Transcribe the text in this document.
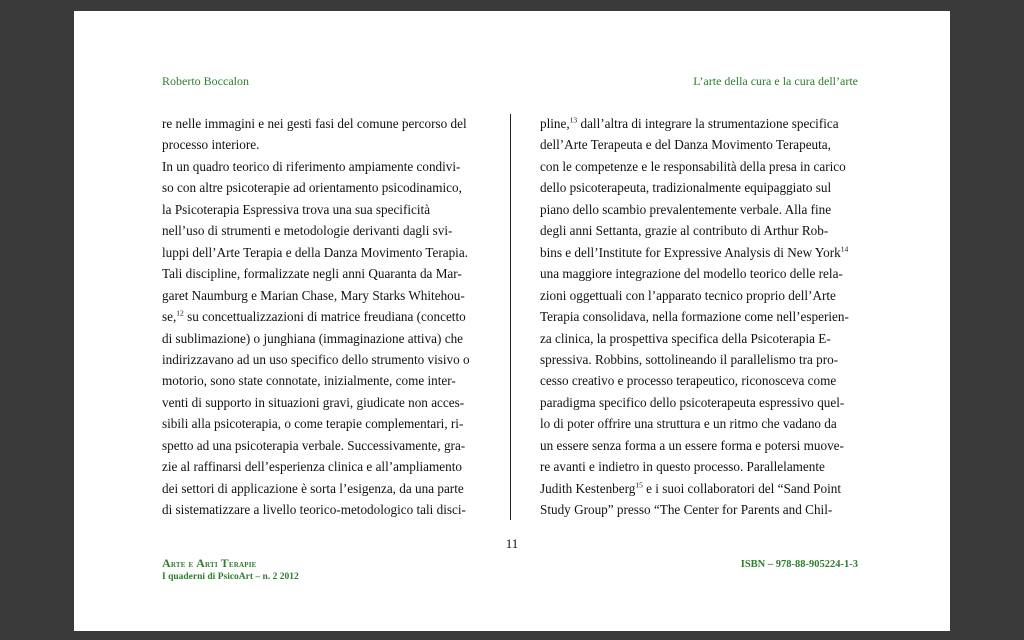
Roberto Boccalon	L’arte della cura e la cura dell’arte

re nelle immagini e nei gesti fasi del comune percorso del

processo interiore.

In un quadro teorico di riferimento ampiamente condivi-

so con altre psicoterapie ad orientamento psicodinamico,

la Psicoterapia Espressiva trova una sua specificità

nell’uso di strumenti e metodologie derivanti dagli svi-

luppi dell’Arte Terapia e della Danza Movimento Terapia.

Tali discipline, formalizzate negli anni Quaranta da Mar-

garet Naumburg e Marian Chase, Mary Starks Whitehou-

se,$^{12}$ su concettualizzazioni di matrice freudiana (concetto

di sublimazione) o junghiana (immaginazione attiva) che

indirizzavano ad un uso specifico dello strumento visivo o

motorio, sono state connotate, inizialmente, come inter-

venti di supporto in situazioni gravi, giudicate non acces-

sibili alla psicoterapia, o come terapie complementari, ri-

spetto ad una psicoterapia verbale. Successivamente, gra-

zie al raffinarsi dell’esperienza clinica e all’ampliamento

dei settori di applicazione è sorta l’esigenza, da una parte

di sistematizzare a livello teorico-metodologico tali disci-

pline,$^{13}$ dall’altra di integrare la strumentazione specifica

dell’Arte Terapeuta e del Danza Movimento Terapeuta,

con le competenze e le responsabilità della presa in carico

dello psicoterapeuta, tradizionalmente equipaggiato sul

piano dello scambio prevalentemente verbale. Alla fine

degli anni Settanta, grazie al contributo di Arthur Rob-

bins e dell’Institute for Expressive Analysis di New York$^{14}$

una maggiore integrazione del modello teorico delle rela-

zioni oggettuali con l’apparato tecnico proprio dell’Arte

Terapia consolidava, nella formazione come nell’esperien-

za clinica, la prospettiva specifica della Psicoterapia E-

spressiva. Robbins, sottolineando il parallelismo tra pro-

cesso creativo e processo terapeutico, riconosceva come

paradigma specifico dello psicoterapeuta espressivo quel-

lo di poter offrire una struttura e un ritmo che vadano da

un essere senza forma a un essere forma e potersi muove-

re avanti e indietro in questo processo. Parallelamente

Judith Kestenberg$^{15}$ e i suoi collaboratori del “Sand Point

Study Group” presso “The Center for Parents and Chil-

11
Arte e Arti Terapie
I quaderni di PsicoArt – n. 2 2012
ISBN – 978-88-905224-1-3
